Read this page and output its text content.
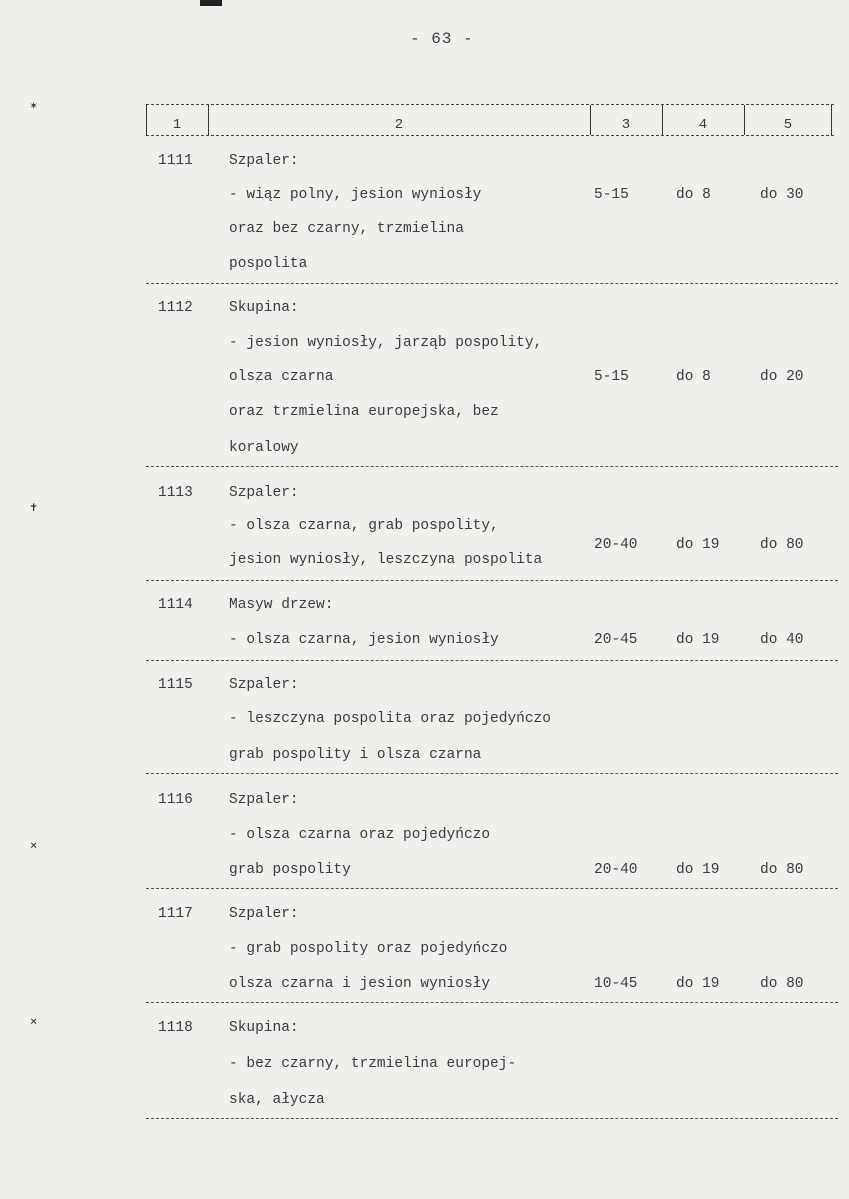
- 63 -
✶
✝
⨯
⨯
1	2	3	4	5
1111 Szpaler:
- wiąz polny, jesion wyniosły
oraz bez czarny, trzmielina
pospolita
5-15	do 8	do 30
1112 Skupina:
- jesion wyniosły, jarząb pospolity,
olsza czarna
oraz trzmielina europejska, bez
koralowy
5-15	do 8	do 20
1113 Szpaler:
- olsza czarna, grab pospolity,
jesion wyniosły, leszczyna pospolita
20-40	do 19	do 80
1114 Masyw drzew:
- olsza czarna, jesion wyniosły	20-45	do 19	do 40
1115 Szpaler:
- leszczyna pospolita oraz pojedyńczo
grab pospolity i olsza czarna
1116 Szpaler:
- olsza czarna oraz pojedyńczo
grab pospolity	20-40	do 19	do 80
1117 Szpaler:
- grab pospolity oraz pojedyńczo
olsza czarna i jesion wyniosły	10-45	do 19	do 80
1118 Skupina:
- bez czarny, trzmielina europej-
ska, ałycza
